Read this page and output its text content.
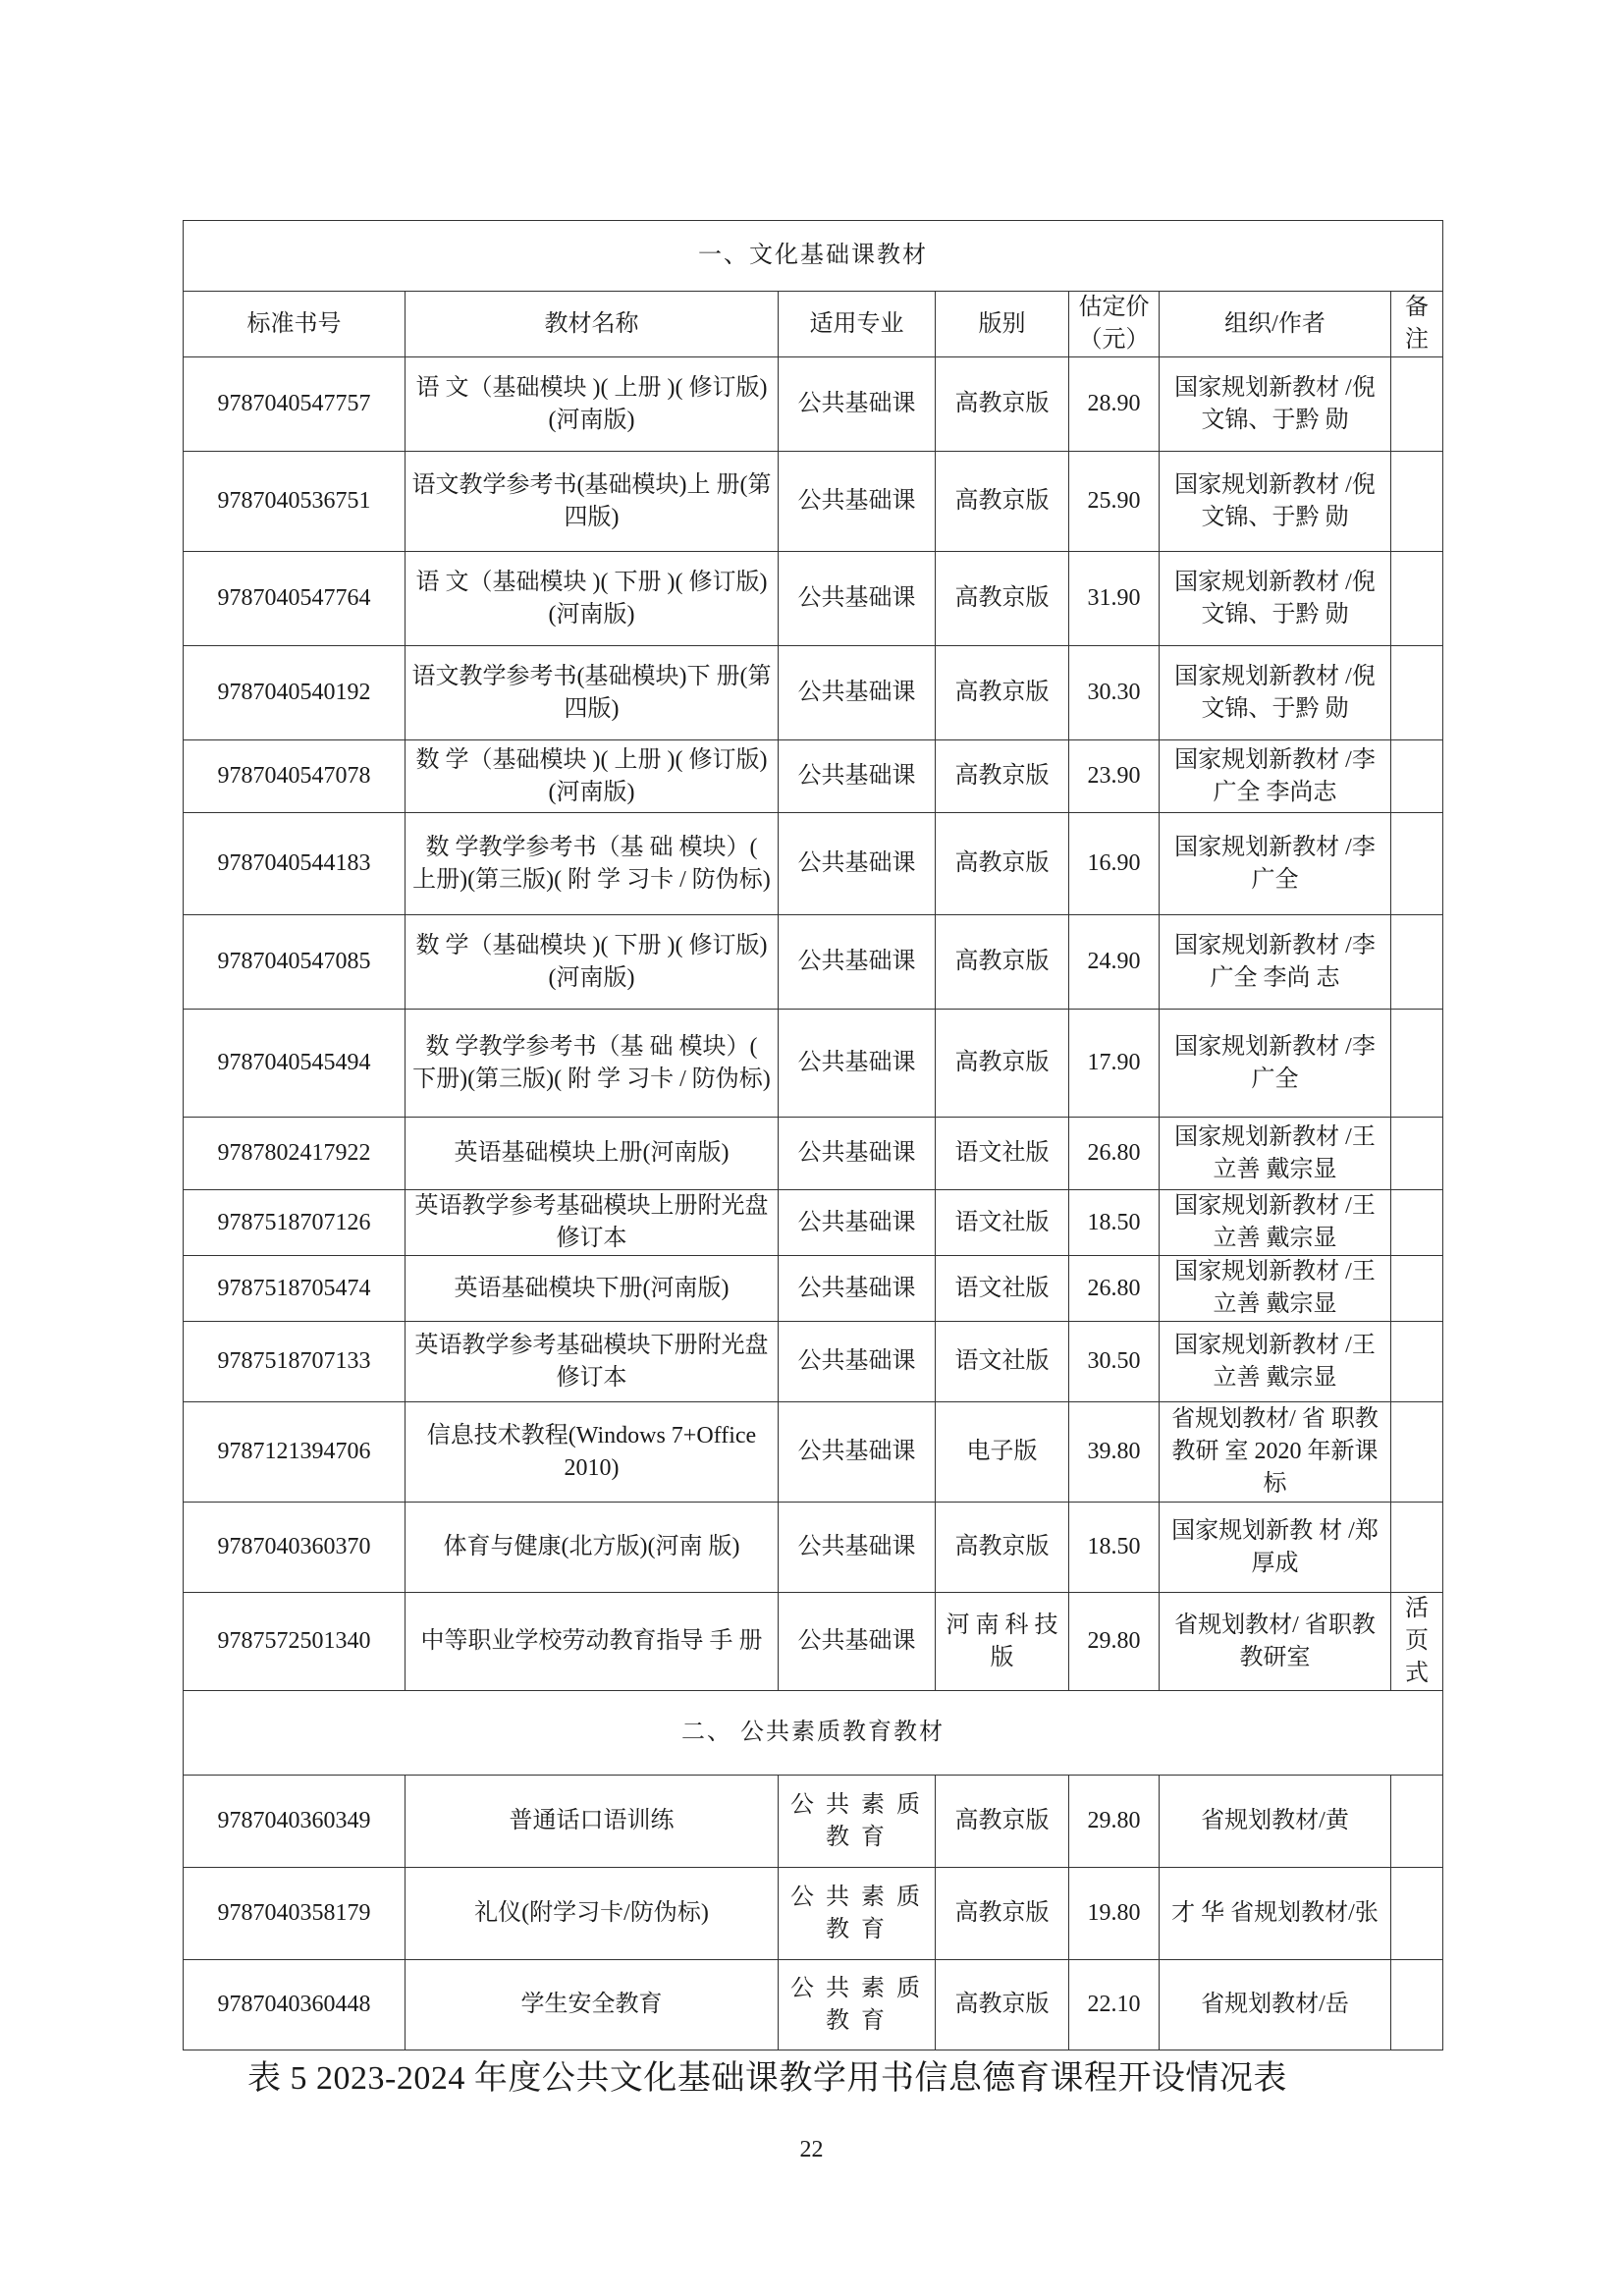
一、文化基础课教材						
标准书号	教材名称	适用专业	版别	估定价（元）	组织/作者	备注
9787040547757	语 文（基础模块 )( 上册 )( 修订版)(河南版)	公共基础课	高教京版	28.90	国家规划新教材 /倪文锦、于黔 勋	
9787040536751	语文教学参考书(基础模块)上 册(第四版)	公共基础课	高教京版	25.90	国家规划新教材 /倪文锦、于黔 勋	
9787040547764	语 文（基础模块 )( 下册 )( 修订版)(河南版)	公共基础课	高教京版	31.90	国家规划新教材 /倪文锦、于黔 勋	
9787040540192	语文教学参考书(基础模块)下 册(第四版)	公共基础课	高教京版	30.30	国家规划新教材 /倪文锦、于黔 勋	
9787040547078	数 学（基础模块 )( 上册 )( 修订版)(河南版)	公共基础课	高教京版	23.90	国家规划新教材 /李广全 李尚志	
9787040544183	数 学教学参考书（基 础 模块）( 上册)(第三版)( 附 学 习卡 / 防伪标)	公共基础课	高教京版	16.90	国家规划新教材 /李广全	
9787040547085	数 学（基础模块 )( 下册 )( 修订版)(河南版)	公共基础课	高教京版	24.90	国家规划新教材 /李广全 李尚 志	
9787040545494	数 学教学参考书（基 础 模块）( 下册)(第三版)( 附 学 习卡 / 防伪标)	公共基础课	高教京版	17.90	国家规划新教材 /李广全	
9787802417922	英语基础模块上册(河南版)	公共基础课	语文社版	26.80	国家规划新教材 /王立善 戴宗显	
9787518707126	英语教学参考基础模块上册附光盘修订本	公共基础课	语文社版	18.50	国家规划新教材 /王立善 戴宗显	
9787518705474	英语基础模块下册(河南版)	公共基础课	语文社版	26.80	国家规划新教材 /王立善 戴宗显	
9787518707133	英语教学参考基础模块下册附光盘修订本	公共基础课	语文社版	30.50	国家规划新教材 /王立善 戴宗显	
9787121394706	信息技术教程(Windows 7+Office 2010)	公共基础课	电子版	39.80	省规划教材/ 省 职教教研 室 2020 年新课标	
9787040360370	体育与健康(北方版)(河南 版)	公共基础课	高教京版	18.50	国家规划新教 材 /郑厚成	
9787572501340	中等职业学校劳动教育指导 手 册	公共基础课	河 南 科 技 版	29.80	省规划教材/ 省职教教研室	活页式
二、 公共素质教育教材						
9787040360349	普通话口语训练	公 共 素 质 教 育	高教京版	29.80	省规划教材/黄	
9787040358179	礼仪(附学习卡/防伪标)	公 共 素 质 教 育	高教京版	19.80	才 华 省规划教材/张	
9787040360448	学生安全教育	公 共 素 质 教 育	高教京版	22.10	省规划教材/岳	
表 5 2023-2024 年度公共文化基础课教学用书信息德育课程开设情况表
22
